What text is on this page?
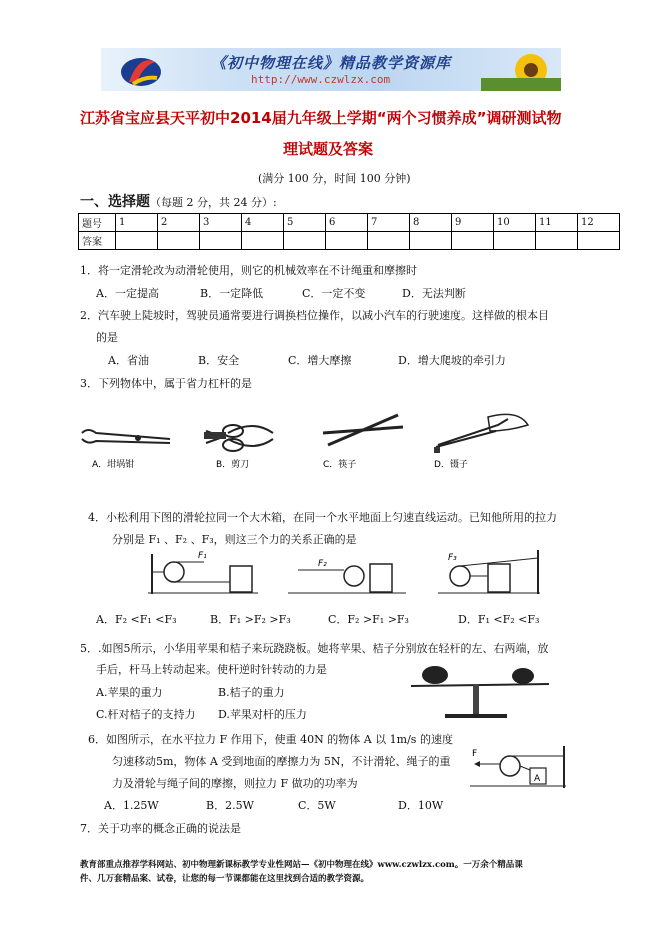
《初中物理在线》精品教学资源库
http://www.czwlzx.com
江苏省宝应县天平初中2014届九年级上学期“两个习惯养成”调研测试物
理试题及答案
(满分 100 分，时间 100 分钟)
一、选择题（每题 2 分，共 24 分）:
题号	1	2	3	4	5	6	7	8	9	10	11	12
答案												
1．将一定滑轮改为动滑轮使用，则它的机械效率在不计绳重和摩擦时
A．一定提高	B．一定降低	C．一定不变	D．无法判断
2．汽车驶上陡坡时，驾驶员通常要进行调换档位操作，以减小汽车的行驶速度。这样做的根本目
的是
A．省油	B．安全	C．增大摩擦	D．增大爬坡的牵引力
3．下列物体中，属于省力杠杆的是
A．坩埚钳	B．剪刀	C．筷子	D．镊子
4．小松利用下图的滑轮拉同一个大木箱，在同一个水平地面上匀速直线运动。已知他所用的拉力
分别是 F₁ 、F₂ 、F₃，则这三个力的关系正确的是
F₁
F₂
F₃
A．F₂ <F₁ <F₃	B．F₁ >F₂ >F₃	C．F₂ >F₁ >F₃	D．F₁ <F₂ <F₃
5．.如图5所示，小华用苹果和桔子来玩跷跷板。她将苹果、桔子分别放在轻杆的左、右两端，放
手后，杆马上转动起来。使杆逆时针转动的力是
A.苹果的重力	B.桔子的重力
C.杆对桔子的支持力 D.苹果对杆的压力
6．如图所示，在水平拉力 F 作用下，使重 40N 的物体 A 以 1m/s 的速度
匀速移动5m，物体 A 受到地面的摩擦力为 5N，不计滑轮、绳子的重
力及滑轮与绳子间的摩擦，则拉力 F 做功的功率为
A．1.25W	B．2.5W	C．5W	D．10W
F
A
7．关于功率的概念正确的说法是
教育部重点推荐学科网站、初中物理新课标教学专业性网站—《初中物理在线》www.czwlzx.com。一万余个精品课
件、几万套精品案、试卷，让您的每一节课都能在这里找到合适的教学资源。
